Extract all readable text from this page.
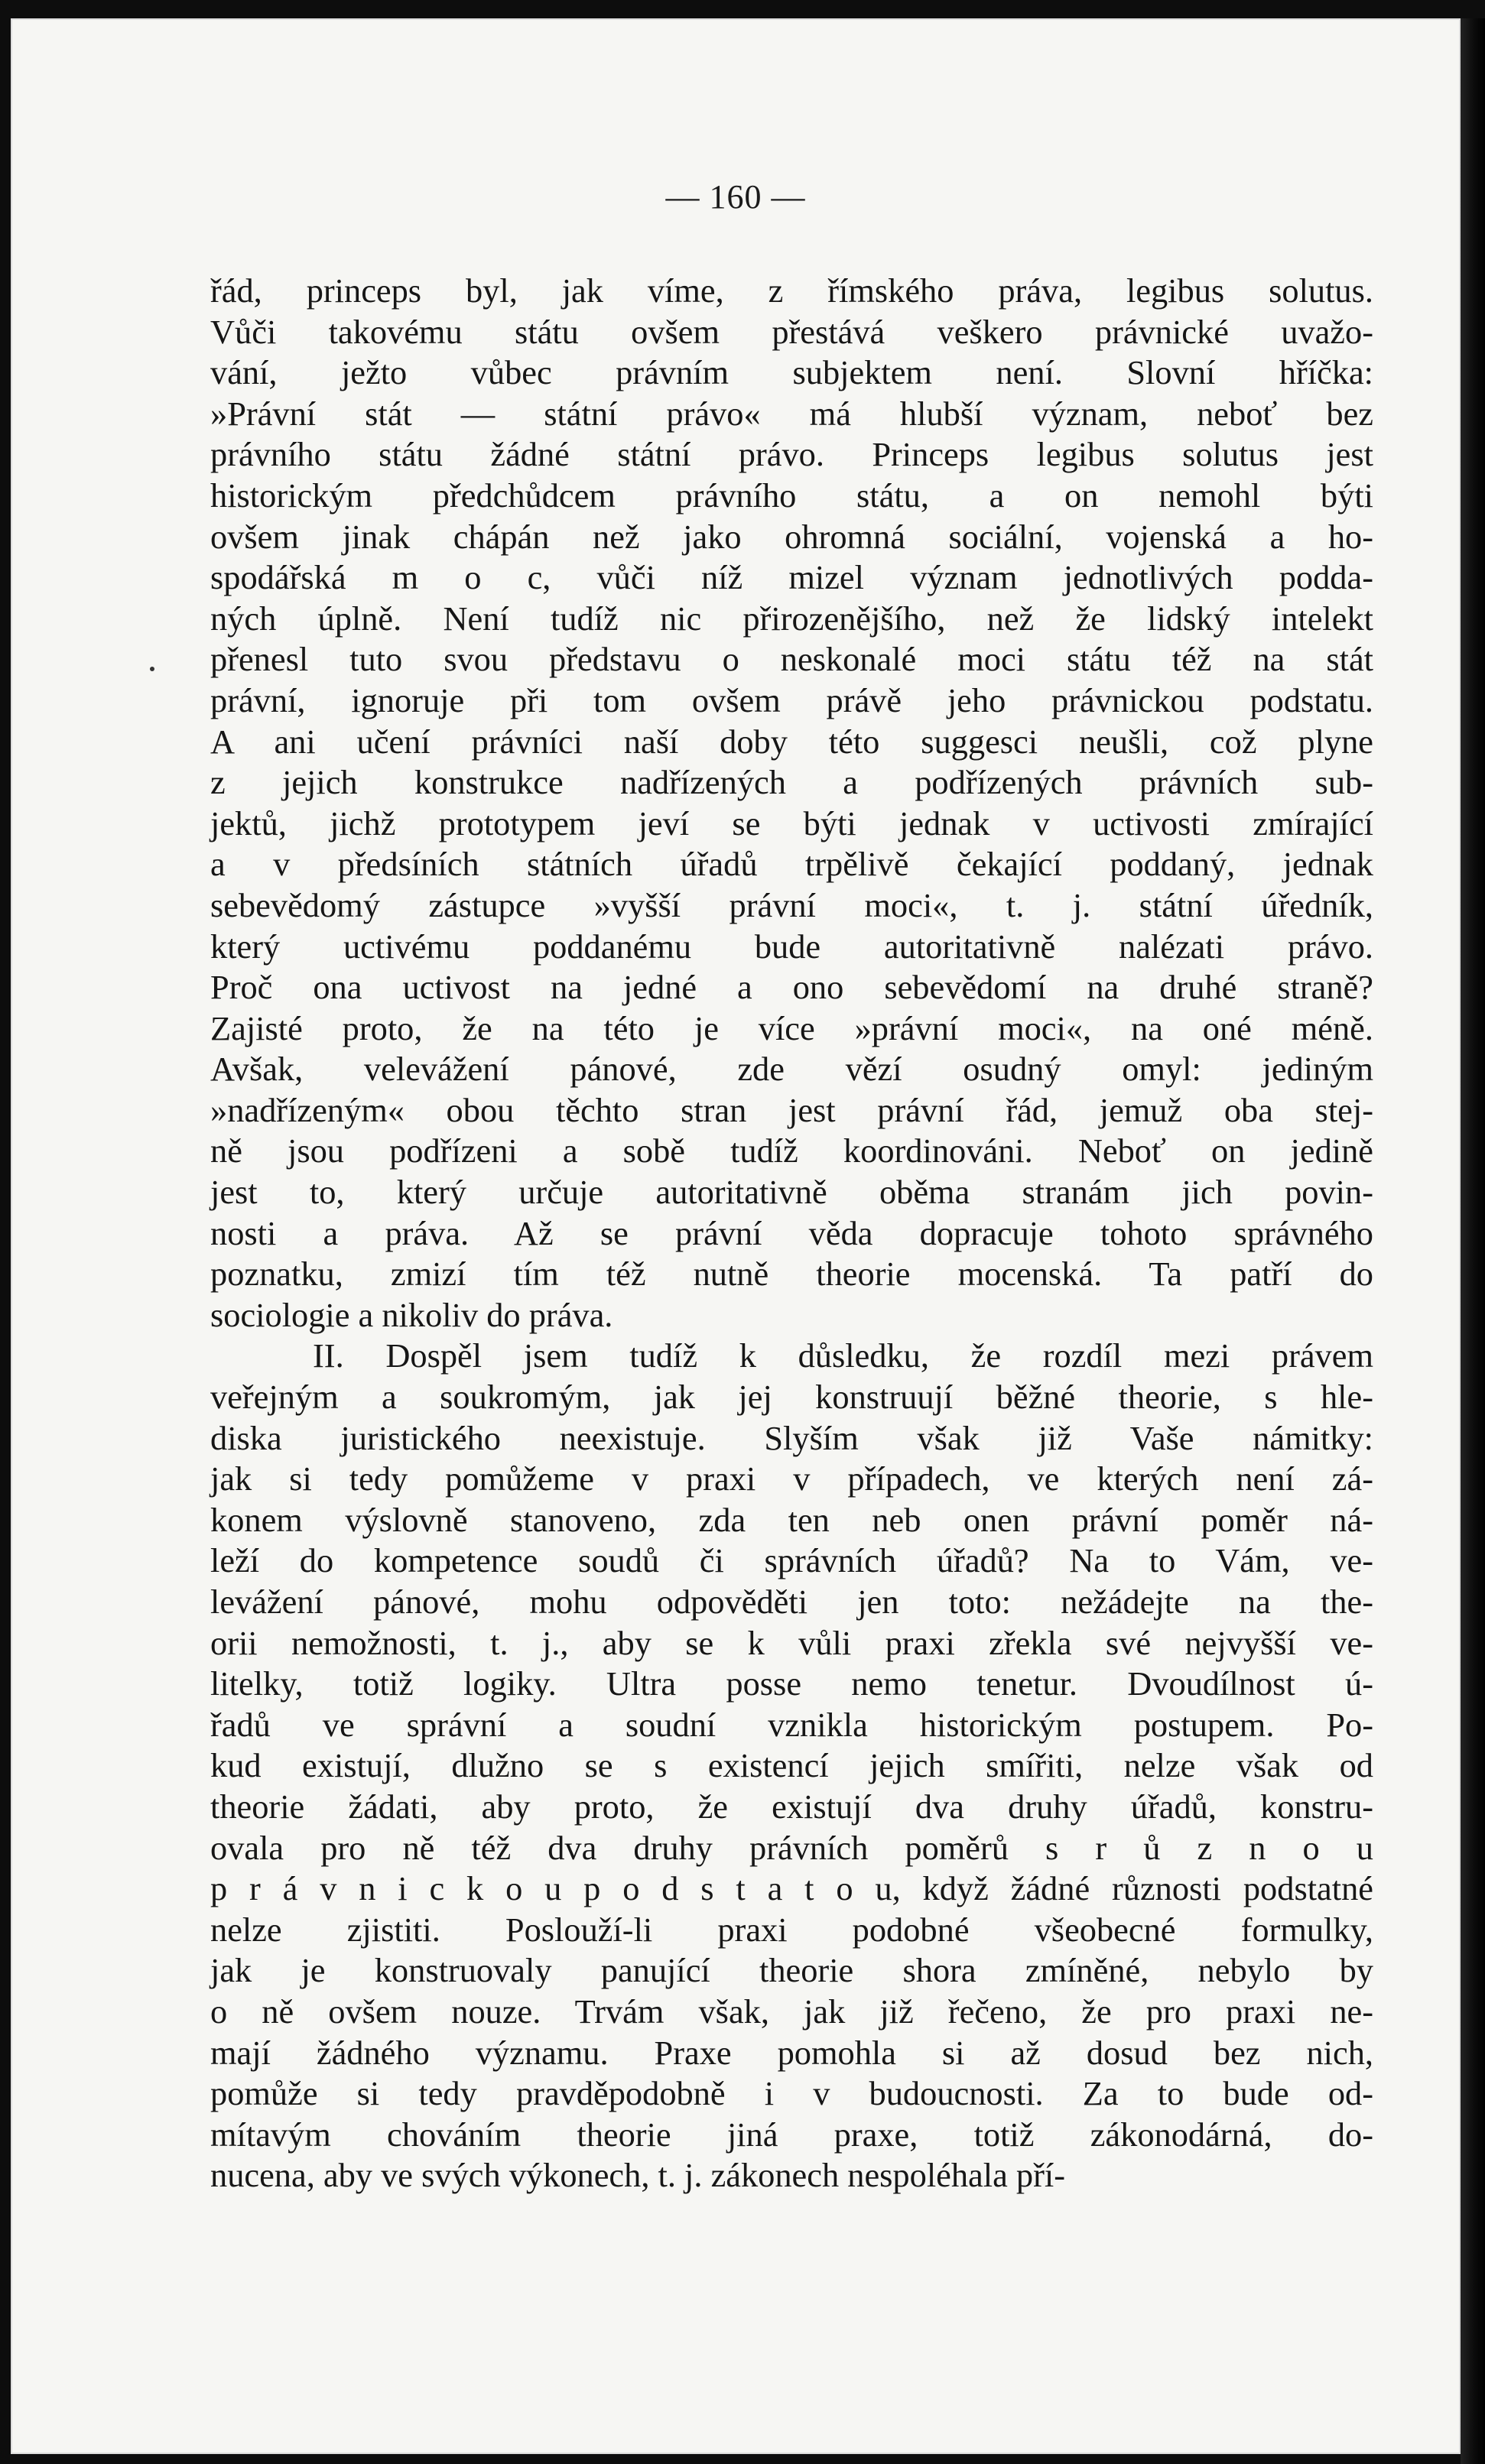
— 160 —
řád, princeps byl, jak víme, z římského práva, legibus solutus.
Vůči takovému státu ovšem přestává veškero právnické uvažo-
vání, ježto vůbec právním subjektem není. Slovní hříčka:
»Právní stát — státní právo« má hlubší význam, neboť bez
právního státu žádné státní právo. Princeps legibus solutus jest
historickým předchůdcem právního státu, a on nemohl býti
ovšem jinak chápán než jako ohromná sociální, vojenská a ho-
spodářská m o c, vůči níž mizel význam jednotlivých podda-
ných úplně. Není tudíž nic přirozenějšího, než že lidský intelekt
přenesl tuto svou představu o neskonalé moci státu též na stát
právní, ignoruje při tom ovšem právě jeho právnickou podstatu.
A ani učení právníci naší doby této suggesci neušli, což plyne
z jejich konstrukce nadřízených a podřízených právních sub-
jektů, jichž prototypem jeví se býti jednak v uctivosti zmírající
a v předsíních státních úřadů trpělivě čekající poddaný, jednak
sebevědomý zástupce »vyšší právní moci«, t. j. státní úředník,
který uctivému poddanému bude autoritativně nalézati právo.
Proč ona uctivost na jedné a ono sebevědomí na druhé straně?
Zajisté proto, že na této je více »právní moci«, na oné méně.
Avšak, velevážení pánové, zde vězí osudný omyl: jediným
»nadřízeným« obou těchto stran jest právní řád, jemuž oba stej-
ně jsou podřízeni a sobě tudíž koordinováni. Neboť on jedině
jest to, který určuje autoritativně oběma stranám jich povin-
nosti a práva. Až se právní věda dopracuje tohoto správného
poznatku, zmizí tím též nutně theorie mocenská. Ta patří do
sociologie a nikoliv do práva.
II. Dospěl jsem tudíž k důsledku, že rozdíl mezi právem
veřejným a soukromým, jak jej konstruují běžné theorie, s hle-
diska juristického neexistuje. Slyším však již Vaše námitky:
jak si tedy pomůžeme v praxi v případech, ve kterých není zá-
konem výslovně stanoveno, zda ten neb onen právní poměr ná-
leží do kompetence soudů či správních úřadů? Na to Vám, ve-
levážení pánové, mohu odpověděti jen toto: nežádejte na the-
orii nemožnosti, t. j., aby se k vůli praxi zřekla své nejvyšší ve-
litelky, totiž logiky. Ultra posse nemo tenetur. Dvoudílnost ú-
řadů ve správní a soudní vznikla historickým postupem. Po-
kud existují, dlužno se s existencí jejich smířiti, nelze však od
theorie žádati, aby proto, že existují dva druhy úřadů, konstru-
ovala pro ně též dva druhy právních poměrů s r ů z n o u
p r á v n i c k o u p o d s t a t o u, když žádné různosti podstatné
nelze zjistiti. Poslouží-li praxi podobné všeobecné formulky,
jak je konstruovaly panující theorie shora zmíněné, nebylo by
o ně ovšem nouze. Trvám však, jak již řečeno, že pro praxi ne-
mají žádného významu. Praxe pomohla si až dosud bez nich,
pomůže si tedy pravděpodobně i v budoucnosti. Za to bude od-
mítavým chováním theorie jiná praxe, totiž zákonodárná, do-
nucena, aby ve svých výkonech, t. j. zákonech nespoléhala pří-
